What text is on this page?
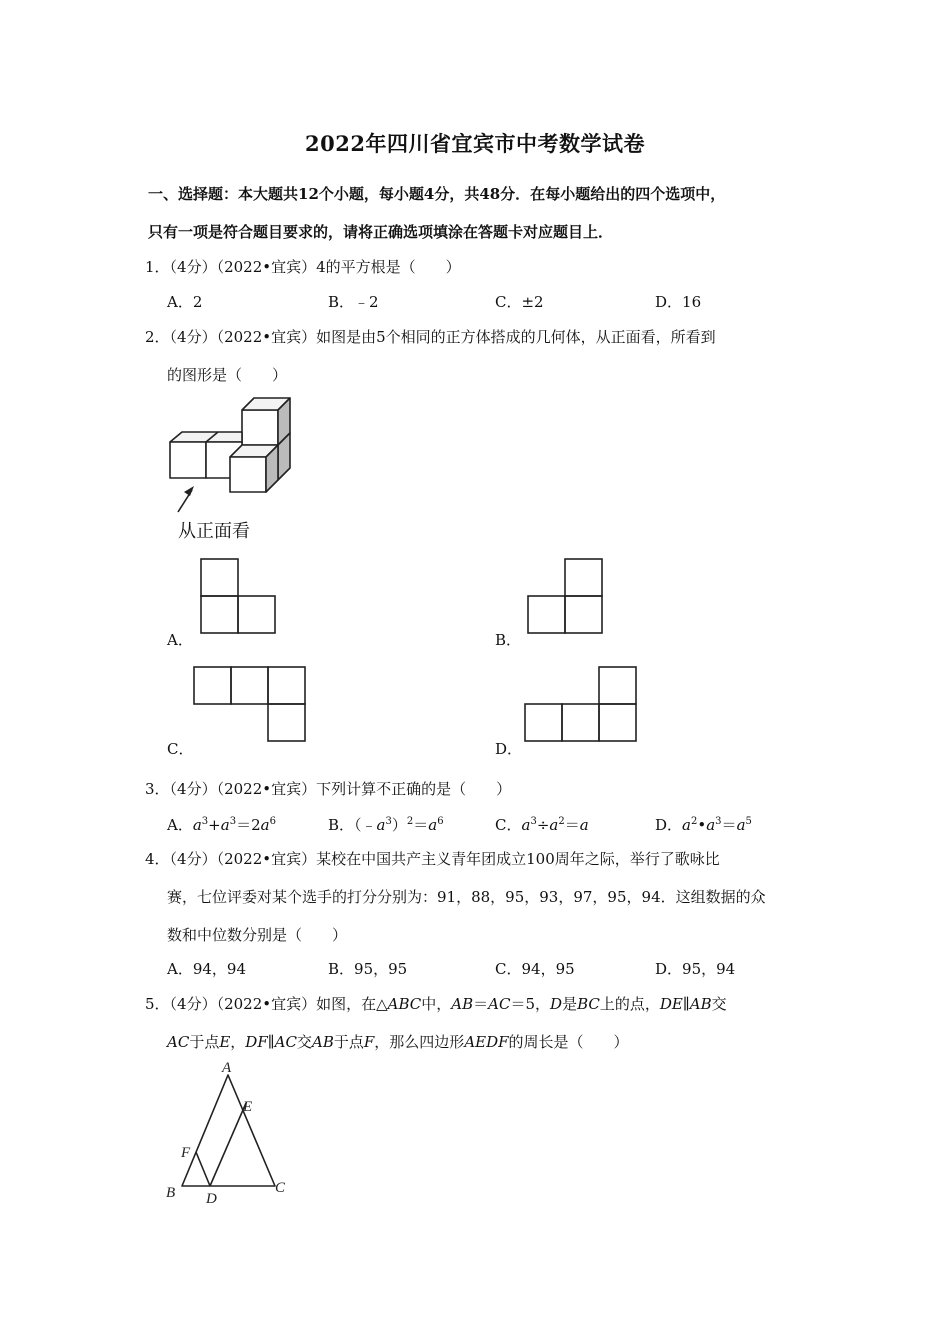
2022年四川省宜宾市中考数学试卷
一、选择题：本大题共12个小题，每小题4分，共48分．在每小题给出的四个选项中，
只有一项是符合题目要求的，请将正确选项填涂在答题卡对应题目上．
1．（4分）（2022•宜宾）4的平方根是（　　）
A．2	B．﹣2	C．±2	D．16
2．（4分）（2022•宜宾）如图是由5个相同的正方体搭成的几何体，从正面看，所看到
的图形是（　　）
从正面看
A．	B．
C．	D．
3．（4分）（2022•宜宾）下列计算不正确的是（　　）
A．$a^3+a^3=2a^6$	B．$(﹣a^3)^2=a^6$	C．$a^3\div a^2=a$	D．$a^2•a^3=a^5$
4．（4分）（2022•宜宾）某校在中国共产主义青年团成立100周年之际，举行了歌咏比
赛，七位评委对某个选手的打分分别为：91，88，95，93，97，95，94．这组数据的众
数和中位数分别是（　　）
A．94，94	B．95，95	C．94，95	D．95，94
5．（4分）（2022•宜宾）如图，在△ABC中，AB＝AC＝5，D是BC上的点，DE∥AB交
AC于点E，DF∥AC交AB于点F，那么四边形AEDF的周长是（　　）
A
E
F
B D
C
